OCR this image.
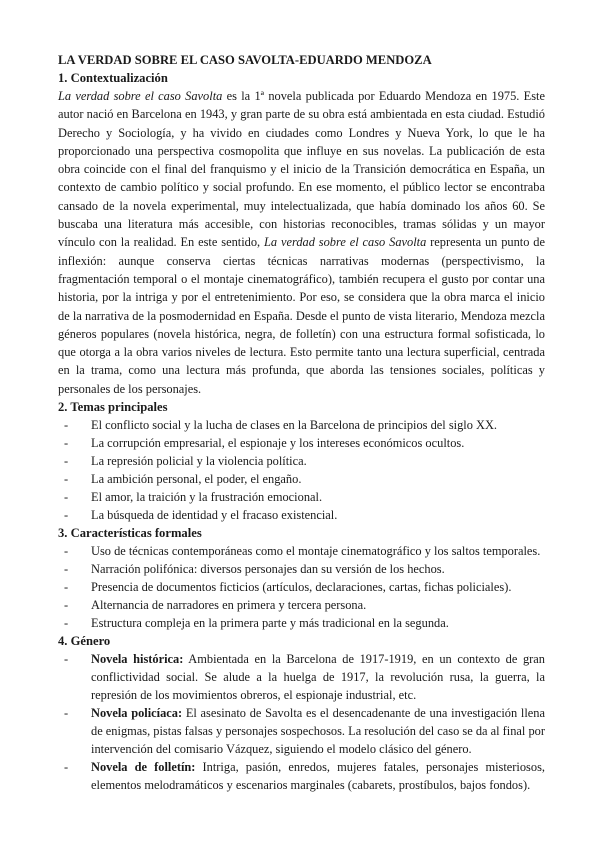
LA VERDAD SOBRE EL CASO SAVOLTA-EDUARDO MENDOZA
1. Contextualización

La verdad sobre el caso Savolta es la 1ª novela publicada por Eduardo Mendoza en 1975. Este autor nació en Barcelona en 1943, y gran parte de su obra está ambientada en esta ciudad. Estudió Derecho y Sociología, y ha vivido en ciudades como Londres y Nueva York, lo que le ha proporcionado una perspectiva cosmopolita que influye en sus novelas. La publicación de esta obra coincide con el final del franquismo y el inicio de la Transición democrática en España, un contexto de cambio político y social profundo. En ese momento, el público lector se encontraba cansado de la novela experimental, muy intelectualizada, que había dominado los años 60. Se buscaba una literatura más accesible, con historias reconocibles, tramas sólidas y un mayor vínculo con la realidad. En este sentido, La verdad sobre el caso Savolta representa un punto de inflexión: aunque conserva ciertas técnicas narrativas modernas (perspectivismo, la fragmentación temporal o el montaje cinematográfico), también recupera el gusto por contar una historia, por la intriga y por el entretenimiento. Por eso, se considera que la obra marca el inicio de la narrativa de la posmodernidad en España. Desde el punto de vista literario, Mendoza mezcla géneros populares (novela histórica, negra, de folletín) con una estructura formal sofisticada, lo que otorga a la obra varios niveles de lectura. Esto permite tanto una lectura superficial, centrada en la trama, como una lectura más profunda, que aborda las tensiones sociales, políticas y personales de los personajes.

2. Temas principales
- El conflicto social y la lucha de clases en la Barcelona de principios del siglo XX.
- La corrupción empresarial, el espionaje y los intereses económicos ocultos.
- La represión policial y la violencia política.
- La ambición personal, el poder, el engaño.
- El amor, la traición y la frustración emocional.
- La búsqueda de identidad y el fracaso existencial.
3. Características formales
- Uso de técnicas contemporáneas como el montaje cinematográfico y los saltos temporales.
- Narración polifónica: diversos personajes dan su versión de los hechos.
- Presencia de documentos ficticios (artículos, declaraciones, cartas, fichas policiales).
- Alternancia de narradores en primera y tercera persona.
- Estructura compleja en la primera parte y más tradicional en la segunda.
4. Género
- Novela histórica: Ambientada en la Barcelona de 1917-1919, en un contexto de gran conflictividad social. Se alude a la huelga de 1917, la revolución rusa, la guerra, la represión de los movimientos obreros, el espionaje industrial, etc.
- Novela policíaca: El asesinato de Savolta es el desencadenante de una investigación llena de enigmas, pistas falsas y personajes sospechosos. La resolución del caso se da al final por intervención del comisario Vázquez, siguiendo el modelo clásico del género.
- Novela de folletín: Intriga, pasión, enredos, mujeres fatales, personajes misteriosos, elementos melodramáticos y escenarios marginales (cabarets, prostíbulos, bajos fondos).
